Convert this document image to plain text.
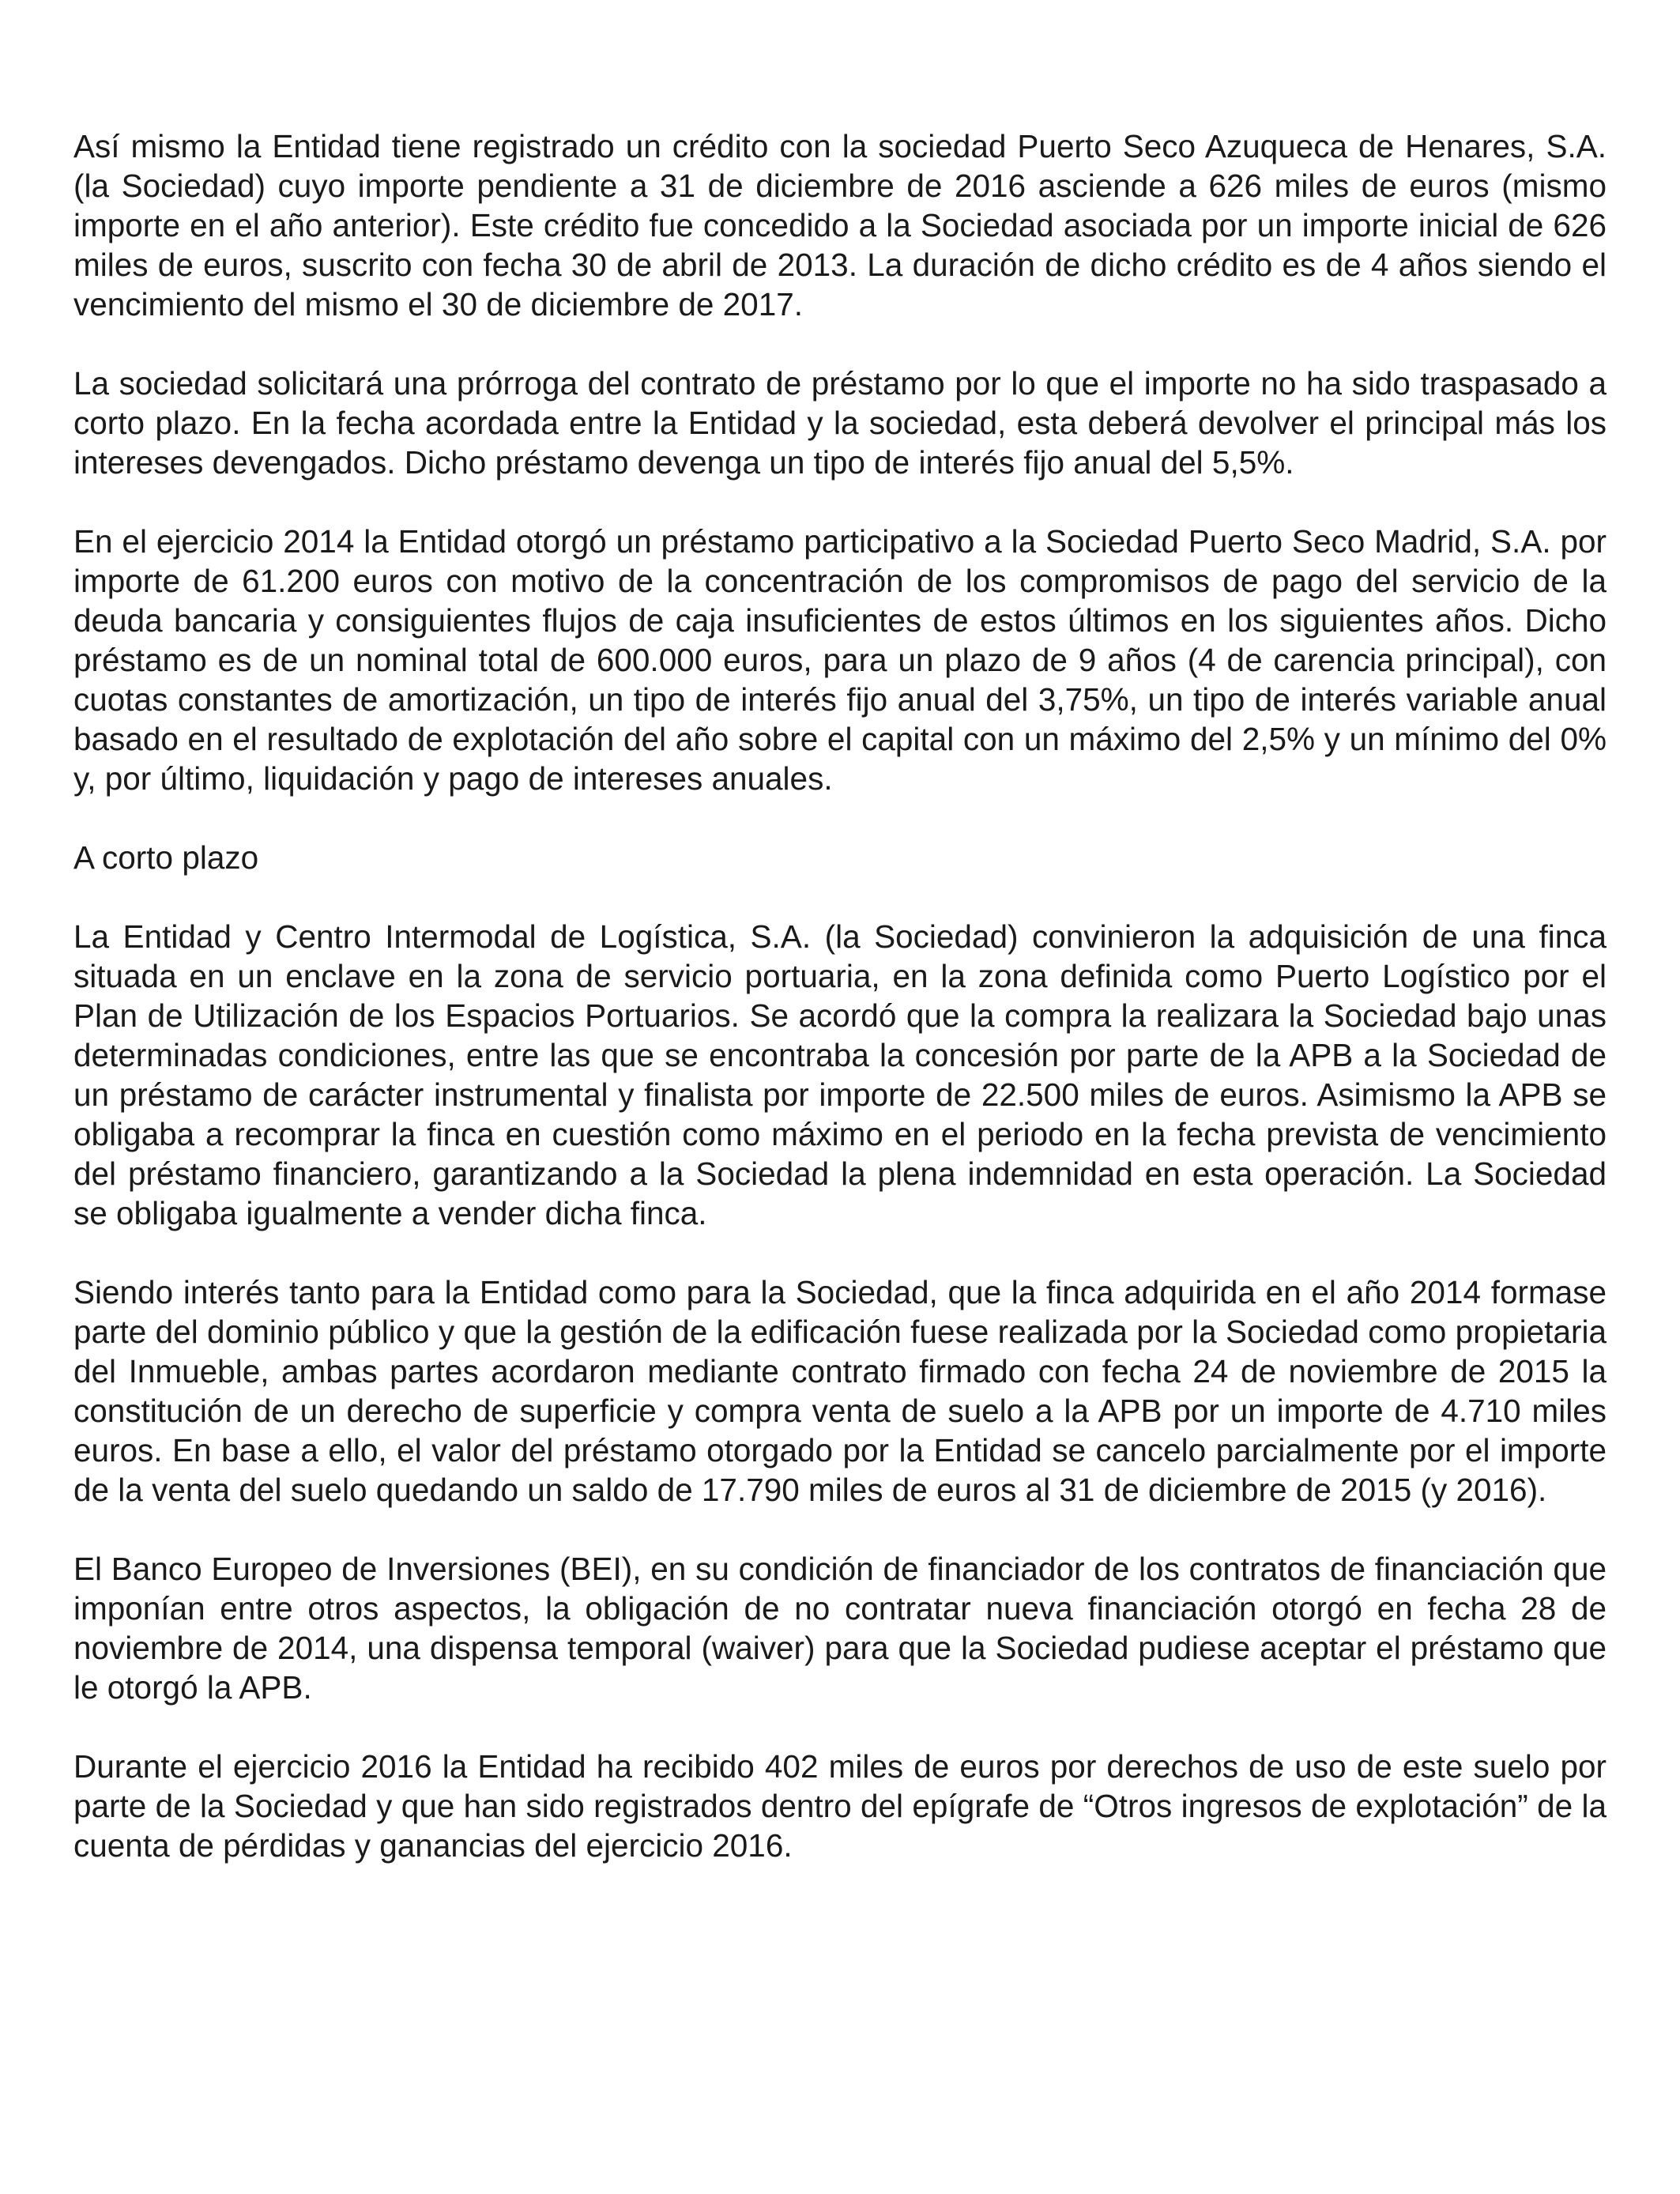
Así mismo la Entidad tiene registrado un crédito con la sociedad Puerto Seco Azuqueca de Henares, S.A. (la Sociedad) cuyo importe pendiente a 31 de diciembre de 2016 asciende a 626 miles de euros (mismo importe en el año anterior). Este crédito fue concedido a la Sociedad asociada por un importe inicial de 626 miles de euros, suscrito con fecha 30 de abril de 2013. La duración de dicho crédito es de 4 años siendo el vencimiento del mismo el 30 de diciembre de 2017.

La sociedad solicitará una prórroga del contrato de préstamo por lo que el importe no ha sido traspasado a corto plazo. En la fecha acordada entre la Entidad y la sociedad, esta deberá devolver el principal más los intereses devengados. Dicho préstamo devenga un tipo de interés fijo anual del 5,5%.

En el ejercicio 2014 la Entidad otorgó un préstamo participativo a la Sociedad Puerto Seco Madrid, S.A. por importe de 61.200 euros con motivo de la concentración de los compromisos de pago del servicio de la deuda bancaria y consiguientes flujos de caja insuficientes de estos últimos en los siguientes años. Dicho préstamo es de un nominal total de 600.000 euros, para un plazo de 9 años (4 de carencia principal), con cuotas constantes de amortización, un tipo de interés fijo anual del 3,75%, un tipo de interés variable anual basado en el resultado de explotación del año sobre el capital con un máximo del 2,5% y un mínimo del 0% y, por último, liquidación y pago de intereses anuales.

A corto plazo

La Entidad y Centro Intermodal de Logística, S.A. (la Sociedad) convinieron la adquisición de una finca situada en un enclave en la zona de servicio portuaria, en la zona definida como Puerto Logístico por el Plan de Utilización de los Espacios Portuarios. Se acordó que la compra la realizara la Sociedad bajo unas determinadas condiciones, entre las que se encontraba la concesión por parte de la APB a la Sociedad de un préstamo de carácter instrumental y finalista por importe de 22.500 miles de euros. Asimismo la APB se obligaba a recomprar la finca en cuestión como máximo en el periodo en la fecha prevista de vencimiento del préstamo financiero, garantizando a la Sociedad la plena indemnidad en esta operación. La Sociedad se obligaba igualmente a vender dicha finca.

Siendo interés tanto para la Entidad como para la Sociedad, que la finca adquirida en el año 2014 formase parte del dominio público y que la gestión de la edificación fuese realizada por la Sociedad como propietaria del Inmueble, ambas partes acordaron mediante contrato firmado con fecha 24 de noviembre de 2015 la constitución de un derecho de superficie y compra venta de suelo a la APB por un importe de 4.710 miles euros. En base a ello, el valor del préstamo otorgado por la Entidad se cancelo parcialmente por el importe de la venta del suelo quedando un saldo de 17.790 miles de euros al 31 de diciembre de 2015 (y 2016).

El Banco Europeo de Inversiones (BEI), en su condición de financiador de los contratos de financiación que imponían entre otros aspectos, la obligación de no contratar nueva financiación otorgó en fecha 28 de noviembre de 2014, una dispensa temporal (waiver) para que la Sociedad pudiese aceptar el préstamo que le otorgó la APB.

Durante el ejercicio 2016 la Entidad ha recibido 402 miles de euros por derechos de uso de este suelo por parte de la Sociedad y que han sido registrados dentro del epígrafe de “Otros ingresos de explotación” de la cuenta de pérdidas y ganancias del ejercicio 2016.
